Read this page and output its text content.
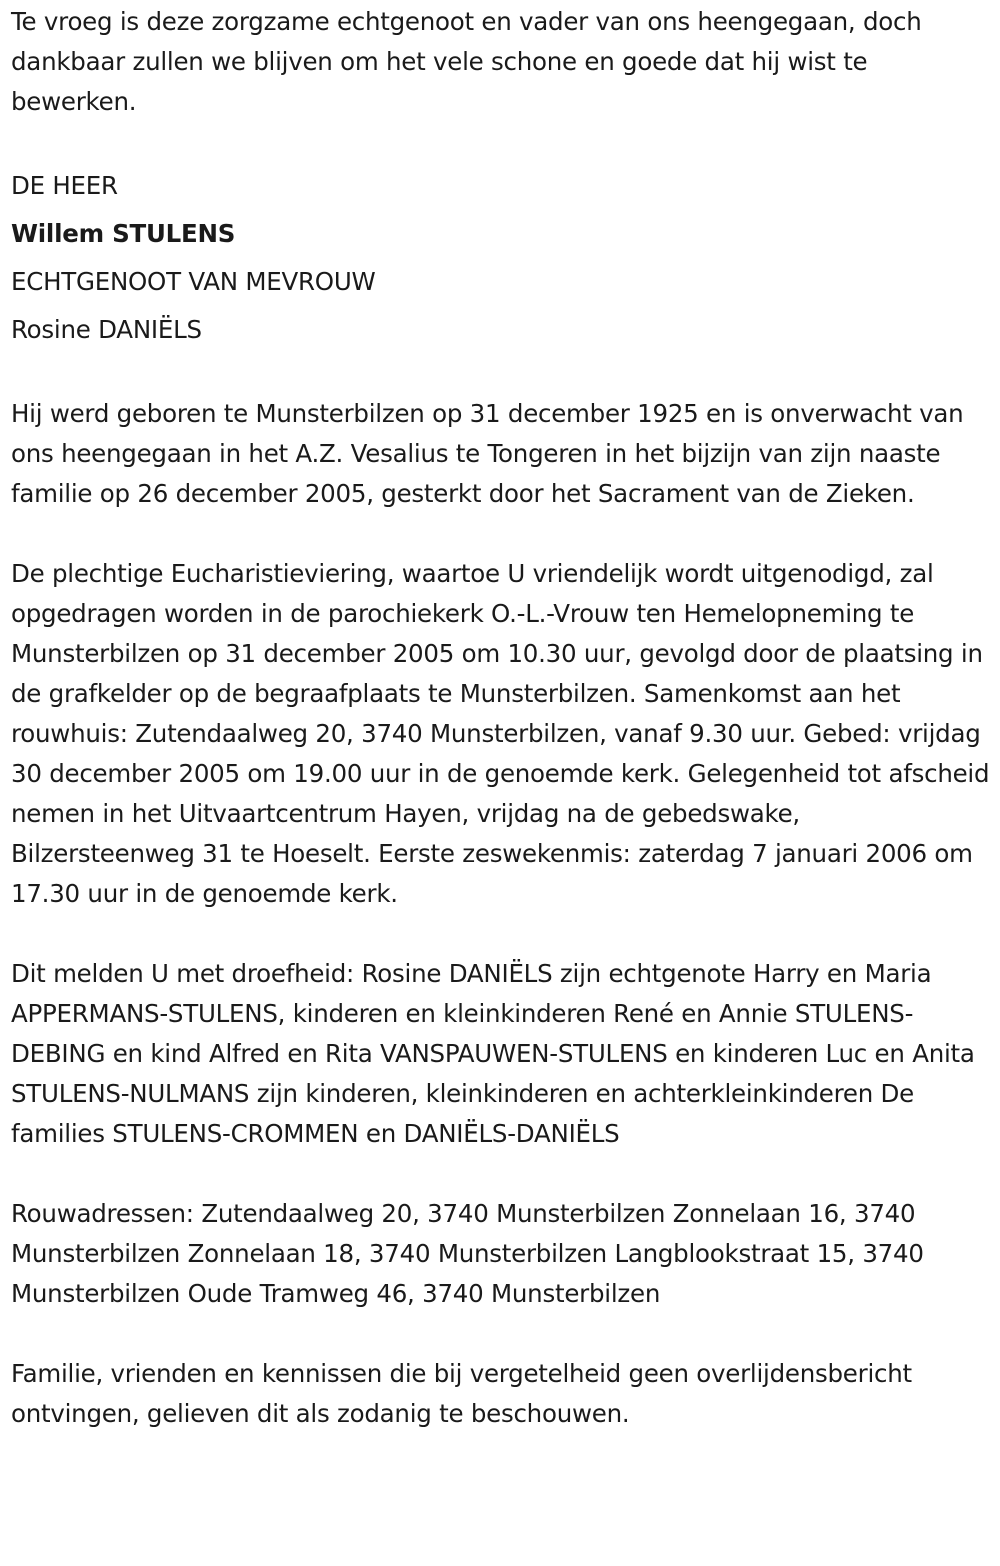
Te vroeg is deze zorgzame echtgenoot en vader van ons heengegaan, doch dankbaar zullen we blijven om het vele schone en goede dat hij wist te bewerken.

DE HEER

Willem STULENS

ECHTGENOOT VAN MEVROUW

Rosine DANIËLS

Hij werd geboren te Munsterbilzen op 31 december 1925 en is onverwacht van ons heengegaan in het A.Z. Vesalius te Tongeren in het bijzijn van zijn naaste familie op 26 december 2005, gesterkt door het Sacrament van de Zieken.

De plechtige Eucharistieviering, waartoe U vriendelijk wordt uitgenodigd, zal opgedragen worden in de parochiekerk O.-L.-Vrouw ten Hemelopneming te Munsterbilzen op 31 december 2005 om 10.30 uur, gevolgd door de plaatsing in de grafkelder op de begraafplaats te Munsterbilzen. Samenkomst aan het rouwhuis: Zutendaalweg 20, 3740 Munsterbilzen, vanaf 9.30 uur. Gebed: vrijdag 30 december 2005 om 19.00 uur in de genoemde kerk. Gelegenheid tot afscheid nemen in het Uitvaartcentrum Hayen, vrijdag na de gebedswake, Bilzersteenweg 31 te Hoeselt. Eerste zeswekenmis: zaterdag 7 januari 2006 om 17.30 uur in de genoemde kerk.

Dit melden U met droefheid: Rosine DANIËLS zijn echtgenote Harry en Maria APPERMANS-STULENS, kinderen en kleinkinderen René en Annie STULENS-DEBING en kind Alfred en Rita VANSPAUWEN-STULENS en kinderen Luc en Anita STULENS-NULMANS zijn kinderen, kleinkinderen en achterkleinkinderen De families STULENS-CROMMEN en DANIËLS-DANIËLS

Rouwadressen: Zutendaalweg 20, 3740 Munsterbilzen Zonnelaan 16, 3740 Munsterbilzen Zonnelaan 18, 3740 Munsterbilzen Langblookstraat 15, 3740 Munsterbilzen Oude Tramweg 46, 3740 Munsterbilzen

Familie, vrienden en kennissen die bij vergetelheid geen overlijdensbericht ontvingen, gelieven dit als zodanig te beschouwen.
